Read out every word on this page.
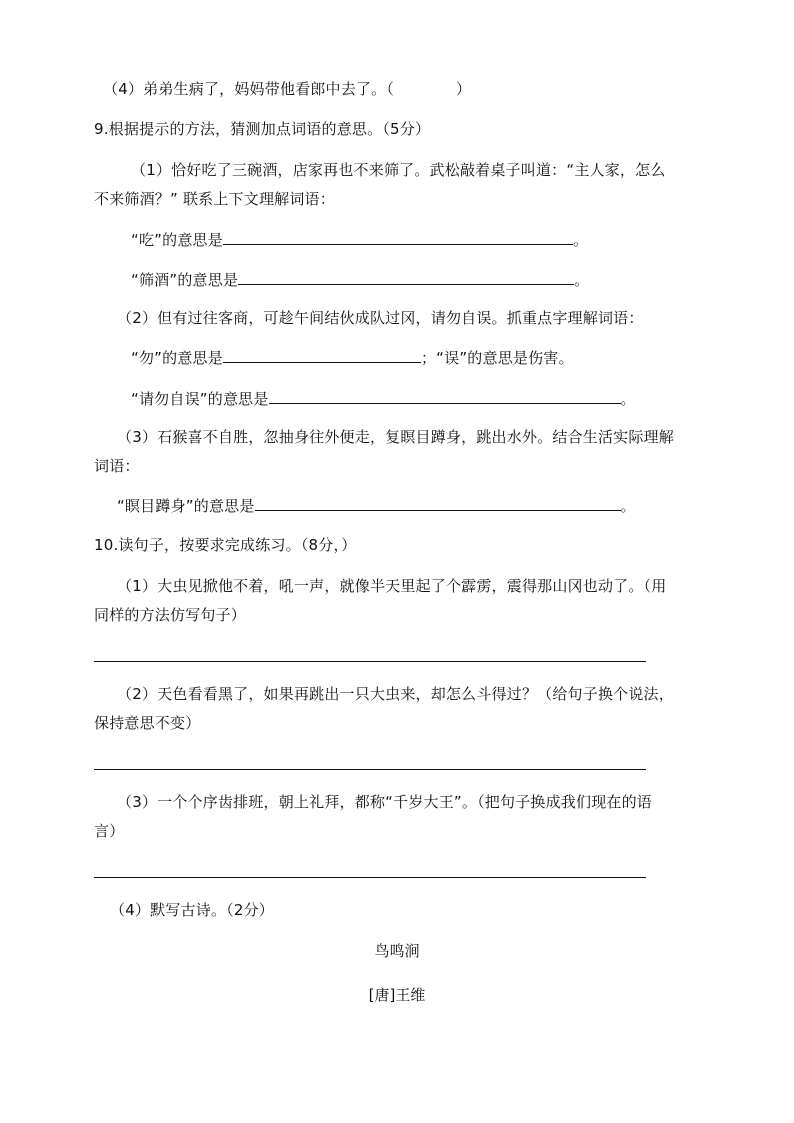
（4）弟弟生病了，妈妈带他看郎中去了。（	）
9.根据提示的方法，猜测加点词语的意思。（5分）
（1）恰好吃了三碗酒，店家再也不来筛了。武松敲着桌子叫道：“主人家，怎么
不来筛酒？” 联系上下文理解词语：
“吃”的意思是	。
“筛酒”的意思是	。
（2）但有过往客商，可趁午间结伙成队过冈，请勿自误。抓重点字理解词语：
“勿”的意思是	；“误”的意思是伤害。
“请勿自误”的意思是	。
（3）石猴喜不自胜，忽抽身往外便走，复瞑目蹲身，跳出水外。结合生活实际理解
词语：
“瞑目蹲身”的意思是	。
10.读句子，按要求完成练习。（8分，）
（1）大虫见掀他不着，吼一声，就像半天里起了个霹雳，震得那山冈也动了。（用
同样的方法仿写句子）
（2）天色看看黑了，如果再跳出一只大虫来，却怎么斗得过？（给句子换个说法，
保持意思不变）
（3）一个个序齿排班，朝上礼拜，都称“千岁大王”。（把句子换成我们现在的语
言）
（4）默写古诗。（2分）
鸟鸣涧
[唐]王维
